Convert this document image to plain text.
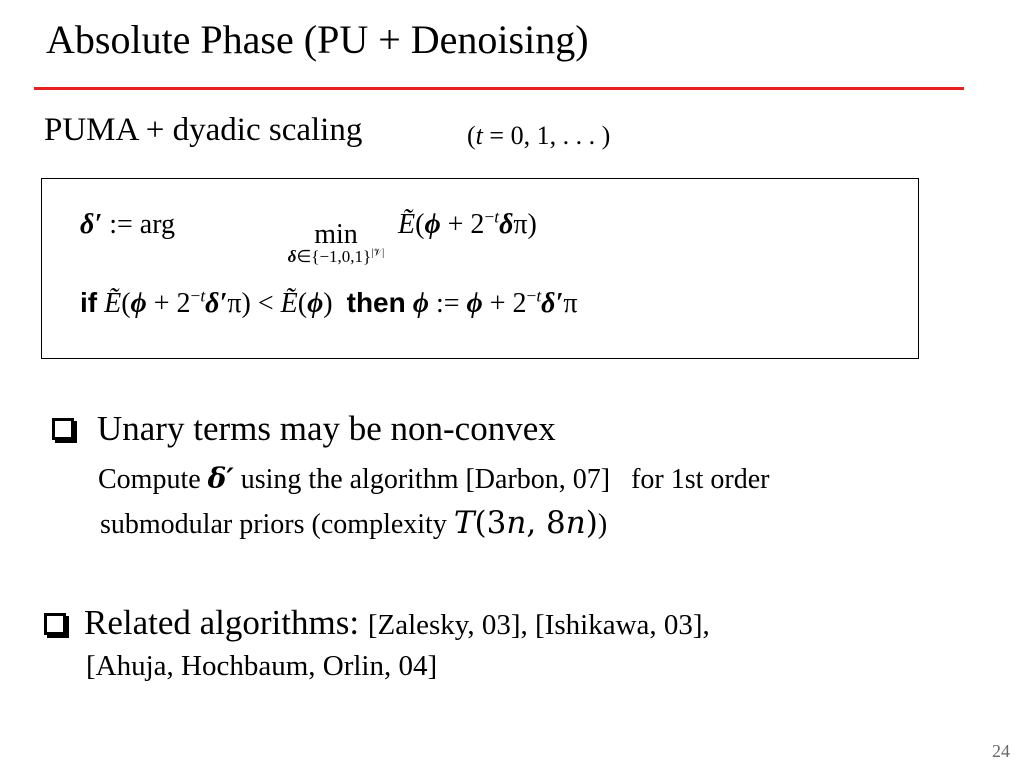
Absolute Phase (PU + Denoising)
PUMA + dyadic scaling	(t = 0, 1, . . . )
δ′ := arg	min
$\delta\in\{-1,0,1\}^{|𝒱|}$
Ẽ(ϕ + $2^{-t}\delta\pi$)
if Ẽ(ϕ + $2^{-t}\delta'\pi$) < Ẽ(ϕ)  then ϕ := $\phi + 2^{-t}\delta'\pi$
Unary terms may be non-convex
Compute δ′ using the algorithm [Darbon, 07] for 1st order
submodular priors (complexity T(3n, 8n))
Related algorithms: [Zalesky, 03], [Ishikawa, 03],
[Ahuja, Hochbaum, Orlin, 04]
24
